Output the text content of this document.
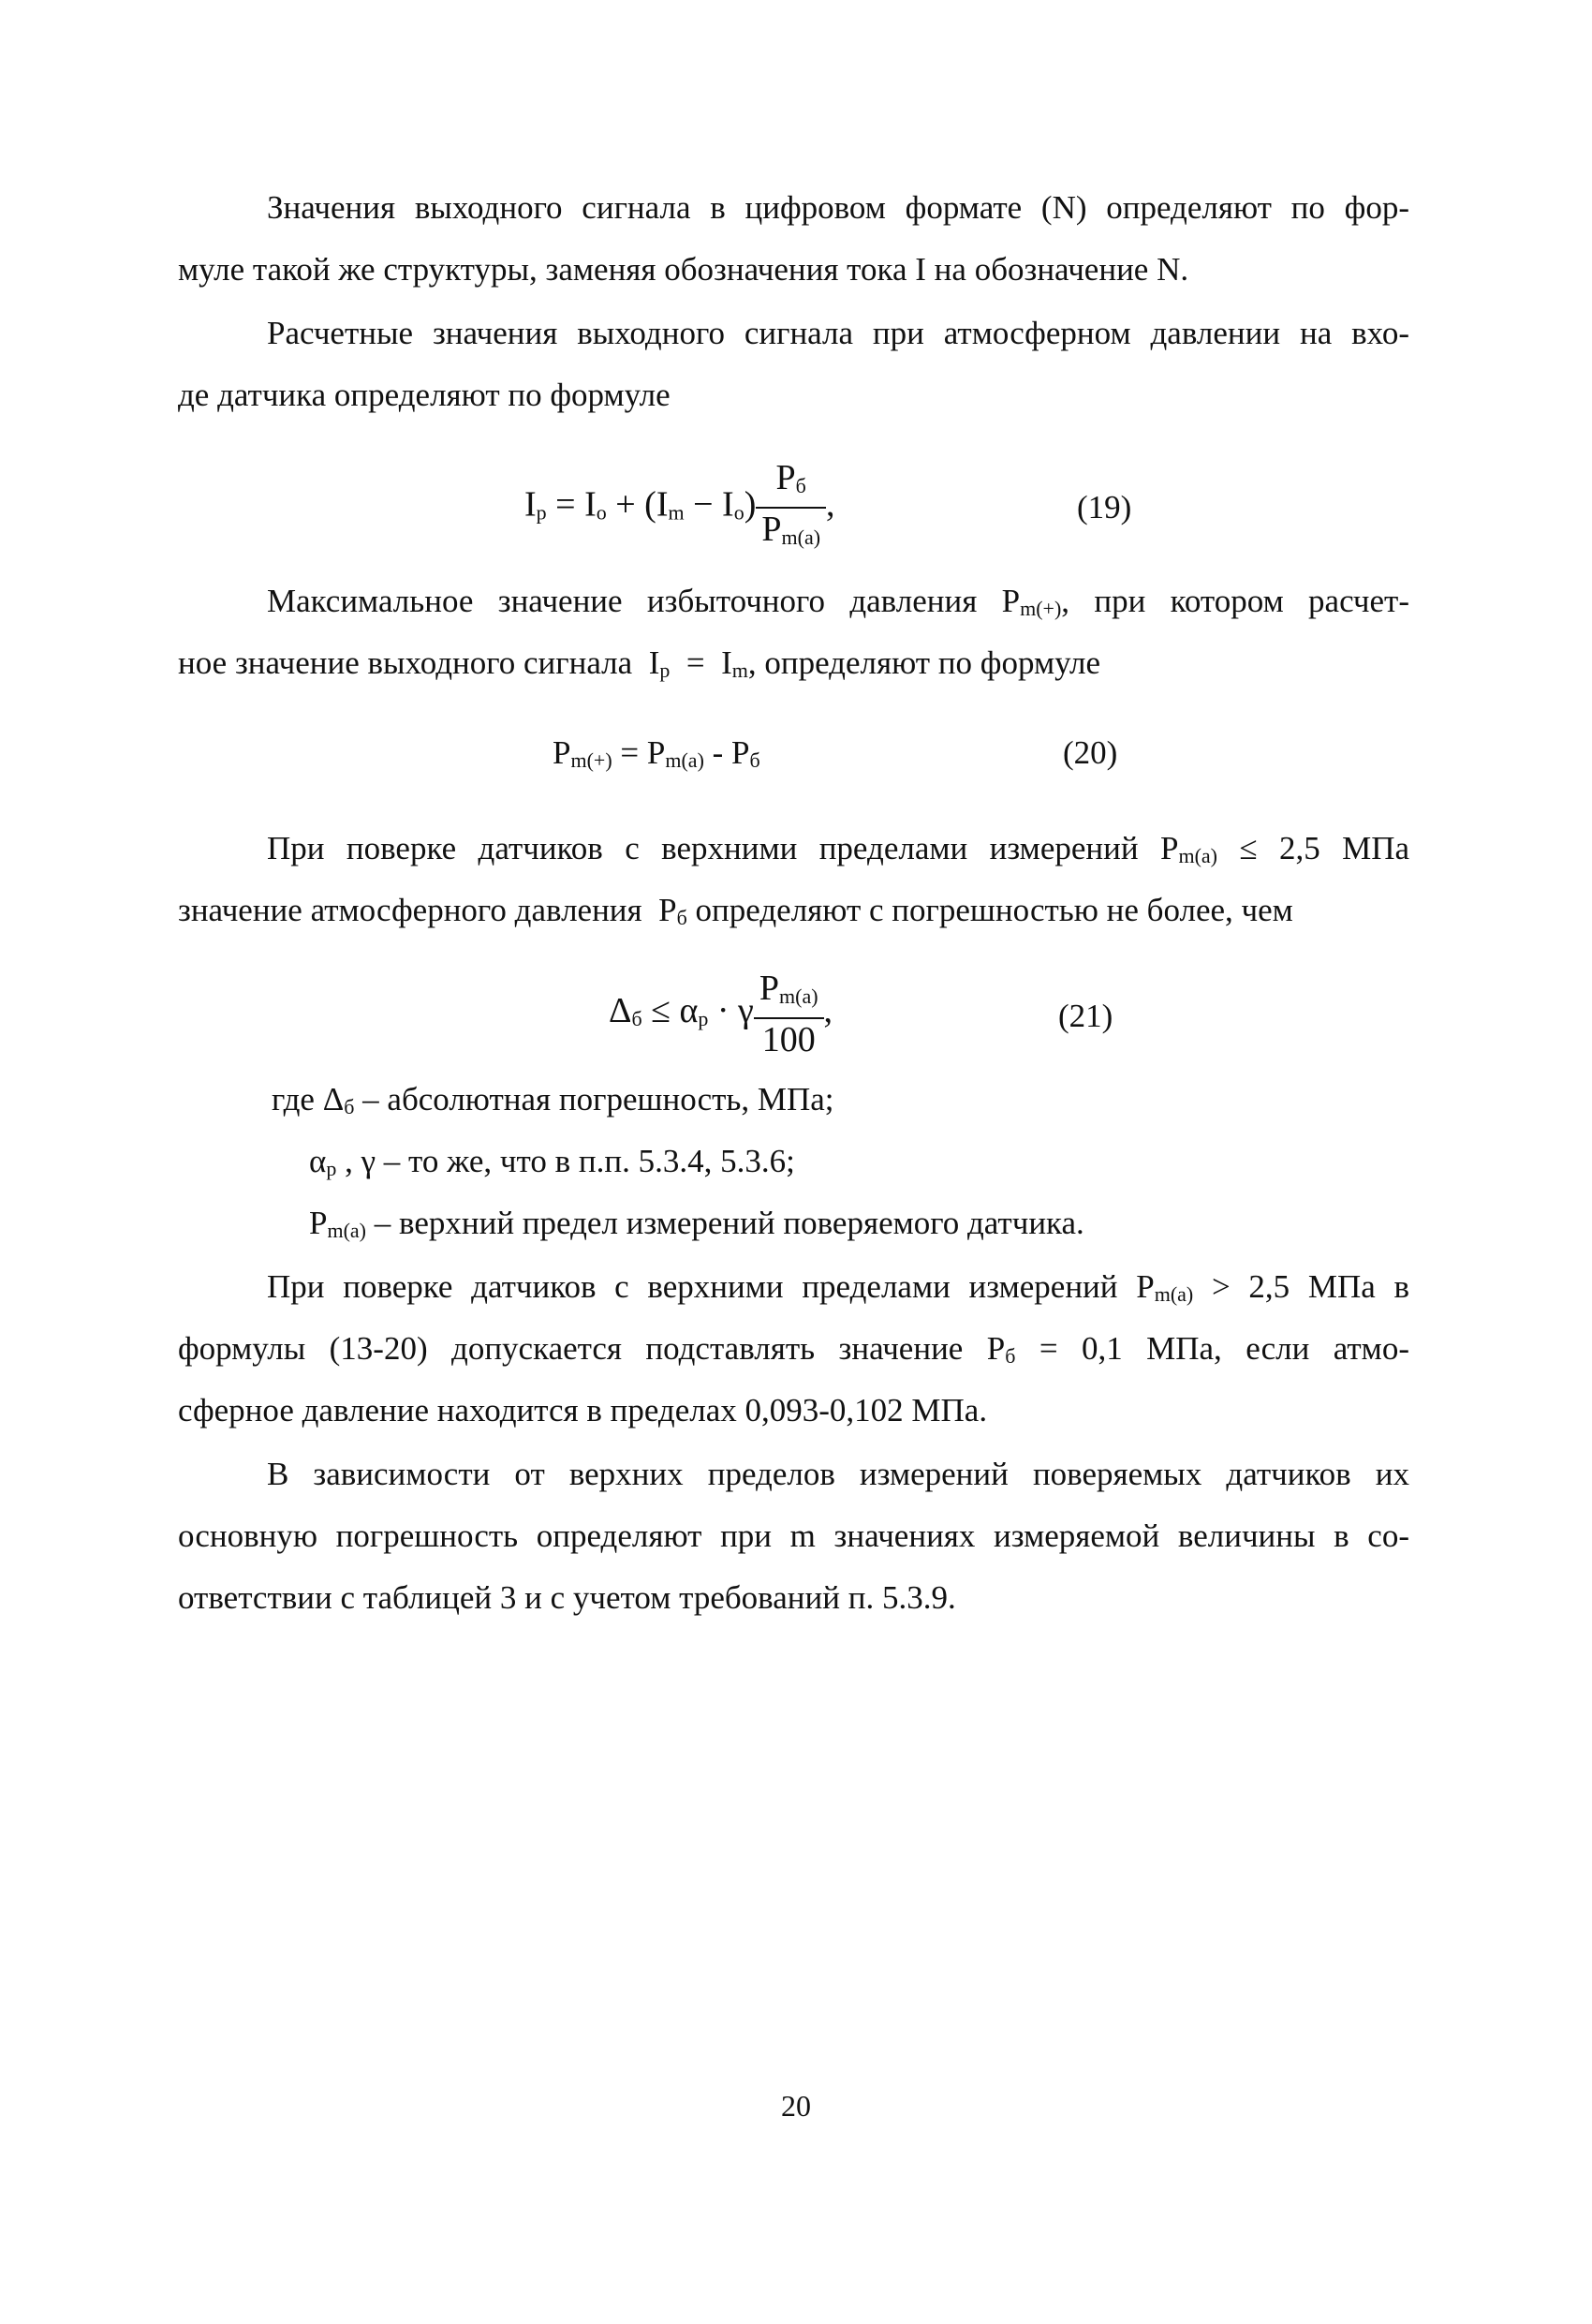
Значения выходного сигнала в цифровом формате (N) определяют по фор-
муле такой же структуры, заменяя обозначения тока I на обозначение N.
Расчетные значения выходного сигнала при атмосферном давлении на вхо-
де датчика определяют по формуле
Iр = $Io + (Im - Io) \frac{Pб}{Pm(a)}$ ,	(19)
Максимальное значение избыточного давления Pm(+), при котором расчет-
ное значение выходного сигнала Iр = Im, определяют по формуле
Pm(+) = Pm(a) - Pб	(20)
При поверке датчиков с верхними пределами измерений Pm(a) ≤ 2,5 МПа
значение атмосферного давления Pб определяют с погрешностью не более, чем
Δб ≤ αр · γ $\frac{Pm(a)}{100}$ ,	(21)
где Δб – абсолютная погрешность, МПа;
αр , γ – то же, что в п.п. 5.3.4, 5.3.6;
Pm(a) – верхний предел измерений поверяемого датчика.
При поверке датчиков с верхними пределами измерений Pm(a) > 2,5 МПа в
формулы (13-20) допускается подставлять значение Pб = 0,1 МПа, если атмо-
сферное давление находится в пределах 0,093-0,102 МПа.
В зависимости от верхних пределов измерений поверяемых датчиков их
основную погрешность определяют при m значениях измеряемой величины в со-
ответствии с таблицей 3 и с учетом требований п. 5.3.9.
20
